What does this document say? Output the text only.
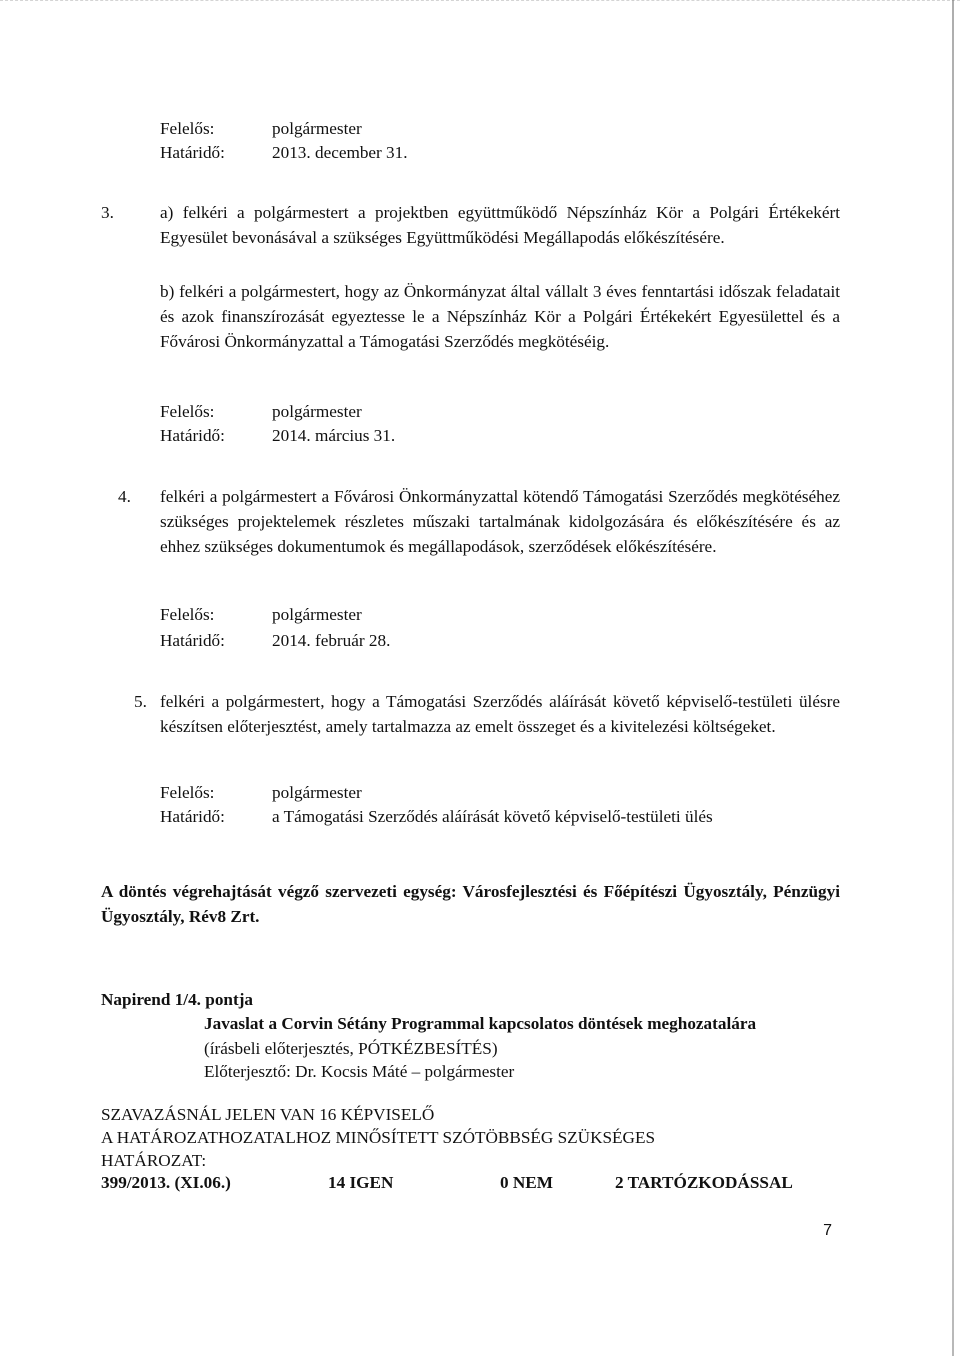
Felelős:	polgármester
Határidő:	2013. december 31.
3.	a) felkéri a polgármestert a projektben együttműködő Népszínház Kör a Polgári Értékekért Egyesület bevonásával a szükséges Együttműködési Megállapodás előkészítésére.
b) felkéri a polgármestert, hogy az Önkormányzat által vállalt 3 éves fenntartási időszak feladatait és azok finanszírozását egyeztesse le a Népszínház Kör a Polgári Értékekért Egyesülettel és a Fővárosi Önkormányzattal a Támogatási Szerződés megkötéséig.
Felelős:	polgármester
Határidő:	2014. március 31.
4. felkéri a polgármestert a Fővárosi Önkormányzattal kötendő Támogatási Szerződés megkötéséhez szükséges projektelemek részletes műszaki tartalmának kidolgozására és előkészítésére és az ehhez szükséges dokumentumok és megállapodások, szerződések előkészítésére.
Felelős:	polgármester
Határidő:	2014. február 28.
5. felkéri a polgármestert, hogy a Támogatási Szerződés aláírását követő képviselő-testületi ülésre készítsen előterjesztést, amely tartalmazza az emelt összeget és a kivitelezési költségeket.
Felelős:	polgármester
Határidő:	a Támogatási Szerződés aláírását követő képviselő-testületi ülés
A döntés végrehajtását végző szervezeti egység: Városfejlesztési és Főépítészi Ügyosztály, Pénzügyi Ügyosztály, Rév8 Zrt.
Napirend 1/4. pontja
Javaslat a Corvin Sétány Programmal kapcsolatos döntések meghozatalára
(írásbeli előterjesztés, PÓTKÉZBESÍTÉS)
Előterjesztő: Dr. Kocsis Máté – polgármester
SZAVAZÁSNÁL JELEN VAN 16 KÉPVISELŐ
A HATÁROZATHOZATALHOZ MINŐSÍTETT SZÓTÖBBSÉG SZÜKSÉGES
HATÁROZAT:
399/2013. (XI.06.)	14 IGEN	0 NEM	2 TARTÓZKODÁSSAL
7
